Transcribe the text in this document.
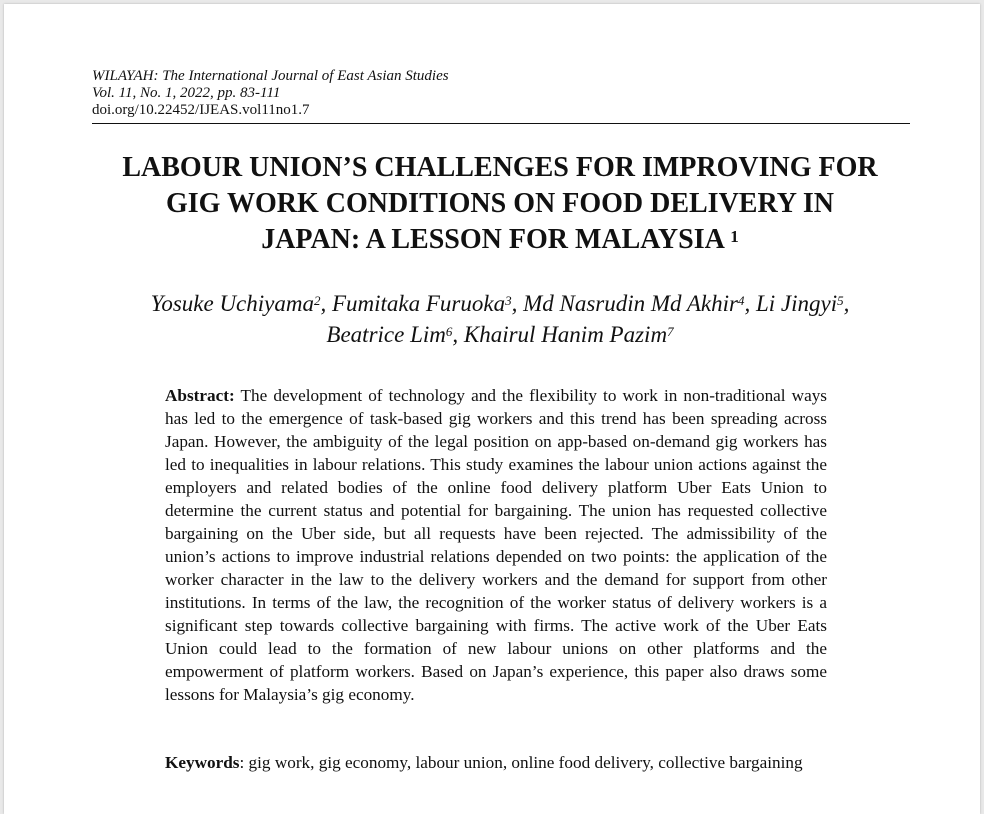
WILAYAH: The International Journal of East Asian Studies
Vol. 11, No. 1, 2022, pp. 83-111
doi.org/10.22452/IJEAS.vol11no1.7
LABOUR UNION’S CHALLENGES FOR IMPROVING FOR
GIG WORK CONDITIONS ON FOOD DELIVERY IN
JAPAN: A LESSON FOR MALAYSIA $^1$
Yosuke Uchiyama$^2$, Fumitaka Furuoka$^3$, Md Nasrudin Md Akhir$^4$, Li Jingyi$^5$, Beatrice Lim$^6$, Khairul Hanim Pazim$^7$

Abstract: The development of technology and the flexibility to work in non-traditional ways has led to the emergence of task-based gig workers and this trend has been spreading across Japan. However, the ambiguity of the legal position on app-based on-demand gig workers has led to inequalities in labour relations. This study examines the labour union actions against the employers and related bodies of the online food delivery platform Uber Eats Union to determine the current status and potential for bargaining. The union has requested collective bargaining on the Uber side, but all requests have been rejected. The admissibility of the union’s actions to improve industrial relations depended on two points: the application of the worker character in the law to the delivery workers and the demand for support from other institutions. In terms of the law, the recognition of the worker status of delivery workers is a significant step towards collective bargaining with firms. The active work of the Uber Eats Union could lead to the formation of new labour unions on other platforms and the empowerment of platform workers. Based on Japan’s experience, this paper also draws some lessons for Malaysia’s gig economy.

Keywords: gig work, gig economy, labour union, online food delivery, collective bargaining
